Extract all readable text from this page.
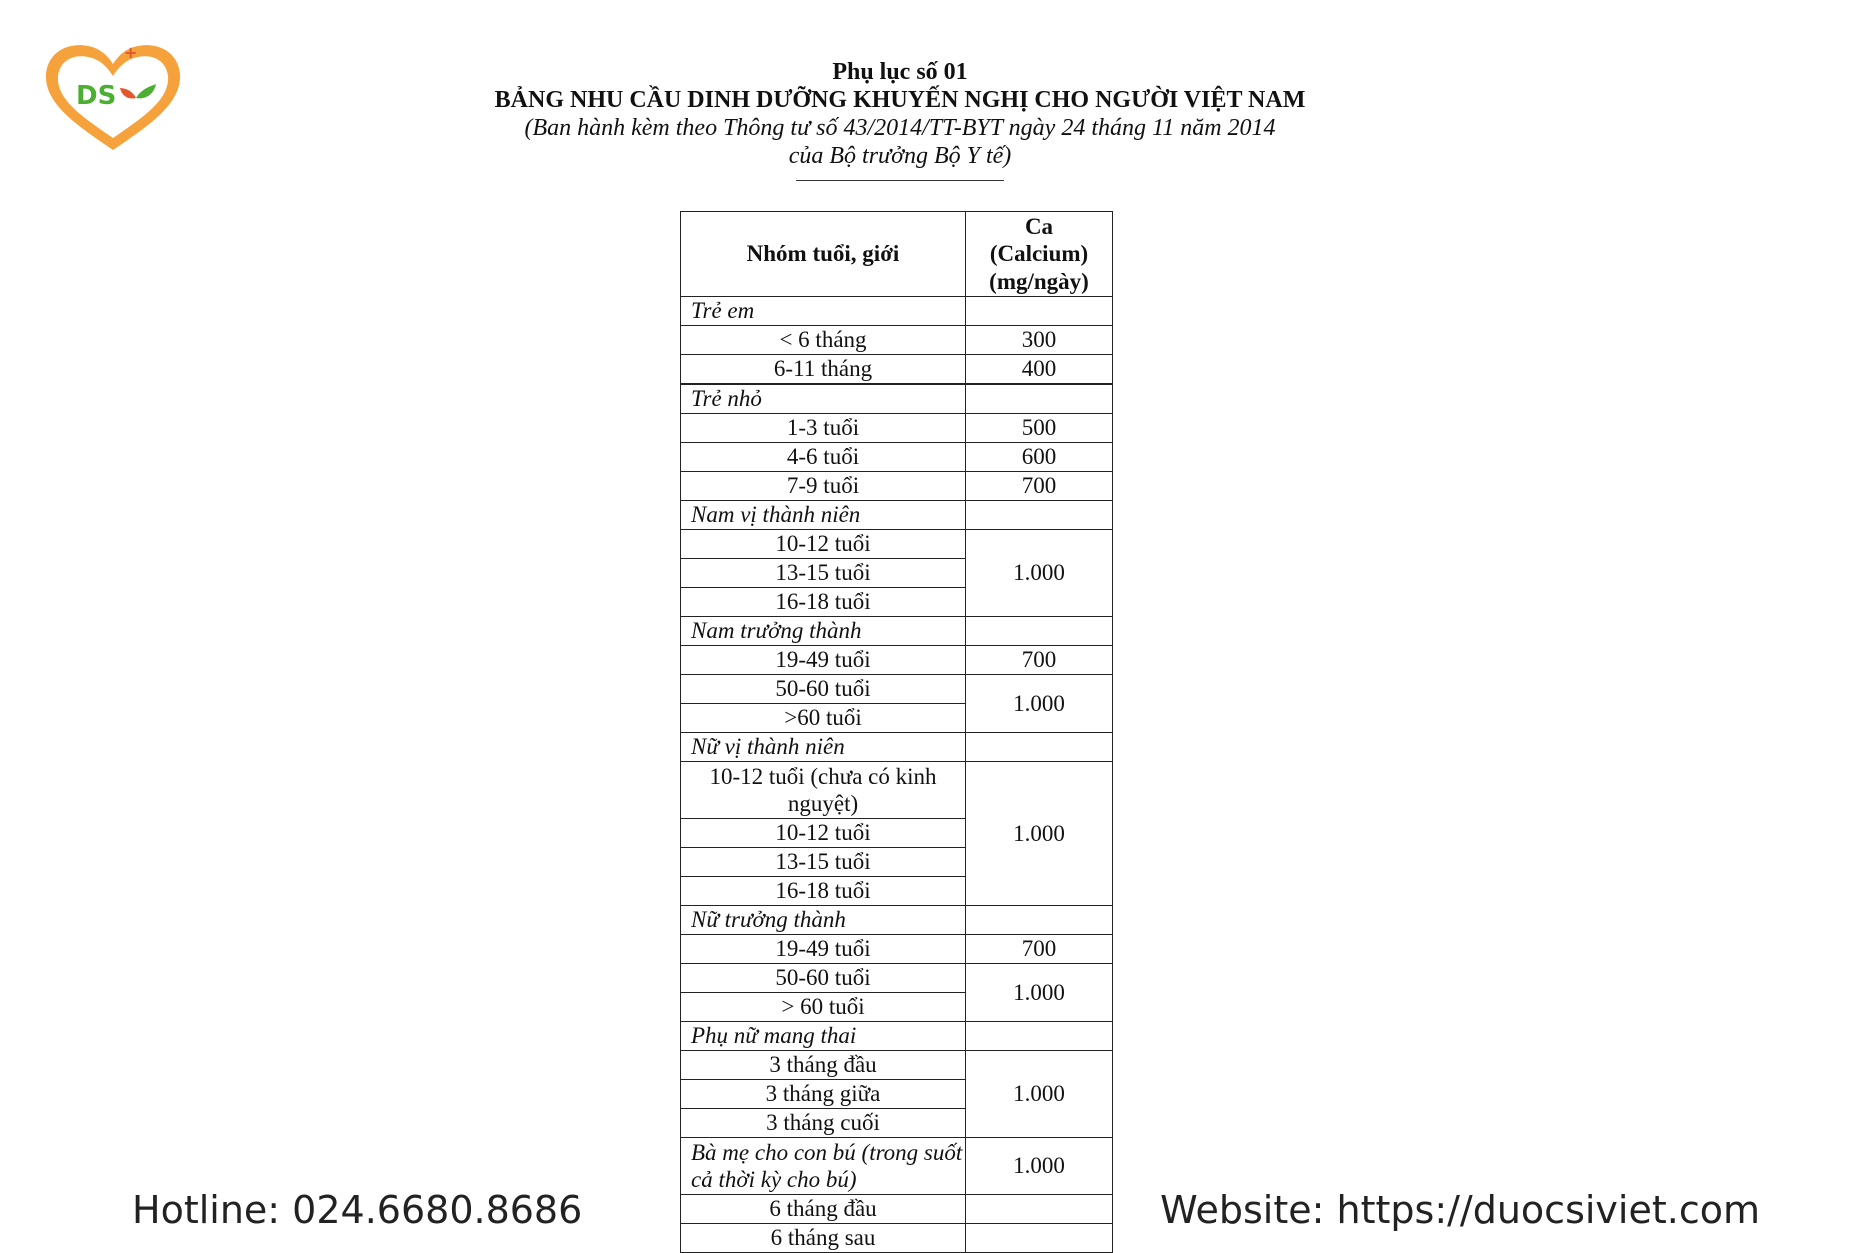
+
DS
Phụ lục số 01
BẢNG NHU CẦU DINH DƯỠNG KHUYẾN NGHỊ CHO NGƯỜI VIỆT NAM
(Ban hành kèm theo Thông tư số 43/2014/TT-BYT ngày 24 tháng 11 năm 2014
của Bộ trưởng Bộ Y tế)
Nhóm tuổi, giới	Ca
(Calcium)
(mg/ngày)

Trẻ em	
< 6 tháng	300
6-11 tháng	400
Trẻ nhỏ	
1-3 tuổi	500
4-6 tuổi	600
7-9 tuổi	700
Nam vị thành niên	
10-12 tuổi	1.000
13-15 tuổi	
16-18 tuổi	
Nam trưởng thành	
19-49 tuổi	700
50-60 tuổi	1.000
>60 tuổi	
Nữ vị thành niên	
10-12 tuổi (chưa có kinh nguyệt)	1.000
10-12 tuổi	
13-15 tuổi	
16-18 tuổi	
Nữ trưởng thành	
19-49 tuổi	700
50-60 tuổi	1.000
> 60 tuổi	
Phụ nữ mang thai	
3 tháng đầu	1.000
3 tháng giữa	
3 tháng cuối	
Bà mẹ cho con bú (trong suốt cả thời kỳ cho bú)	1.000
6 tháng đầu	
6 tháng sau	
Hotline: 024.6680.8686	Website: https://duocsiviet.com
